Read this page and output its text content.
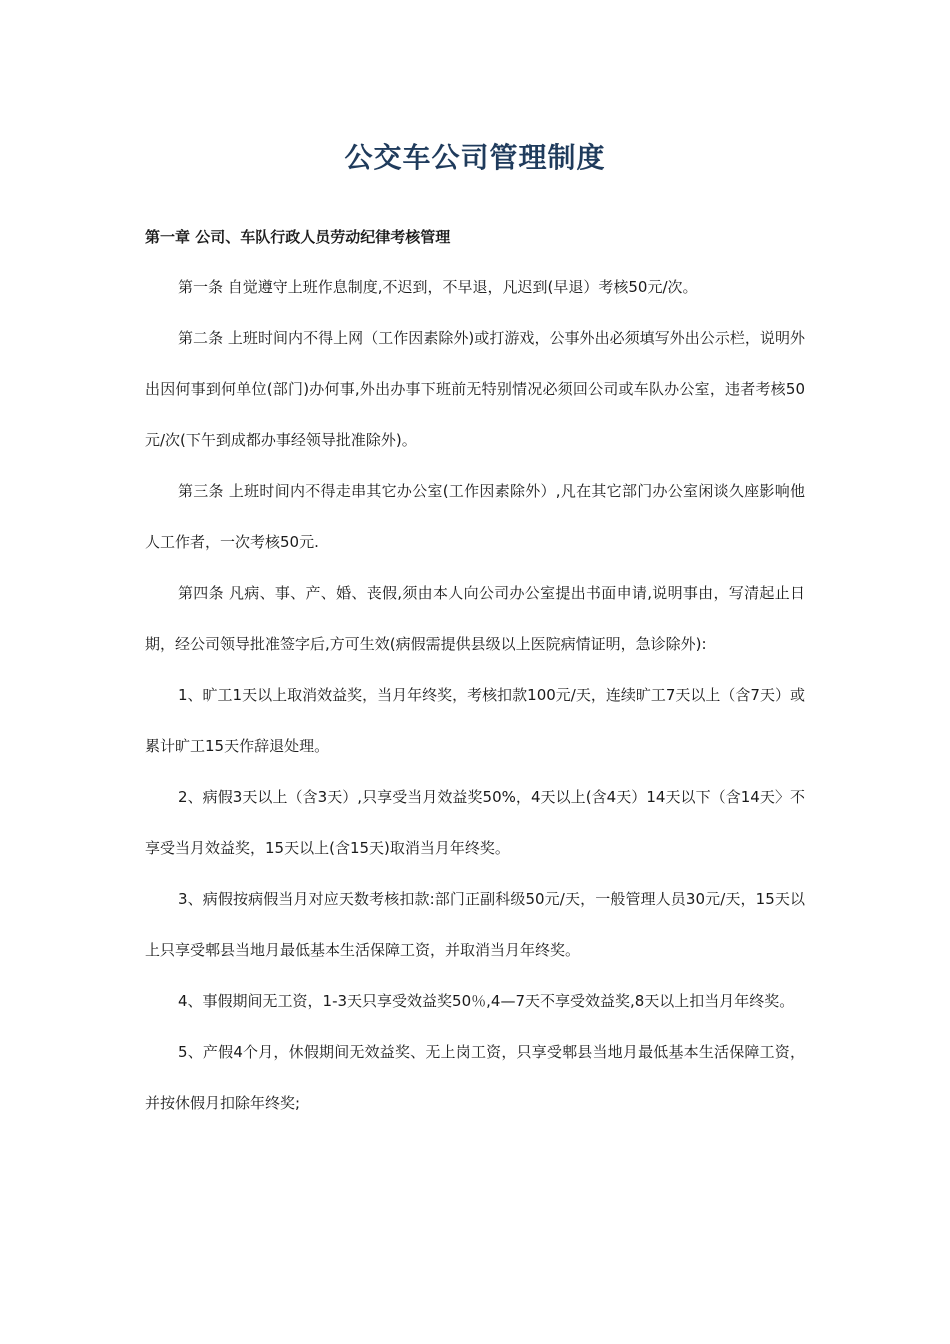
公交车公司管理制度
第一章 公司、车队行政人员劳动纪律考核管理

第一条 自觉遵守上班作息制度,不迟到，不早退，凡迟到(早退）考核50元/次。

第二条 上班时间内不得上网（工作因素除外)或打游戏，公事外出必须填写外出公示栏，说明外出因何事到何单位(部门)办何事,外出办事下班前无特别情况必须回公司或车队办公室，违者考核50元/次(下午到成都办事经领导批准除外)。

第三条 上班时间内不得走串其它办公室(工作因素除外）,凡在其它部门办公室闲谈久座影响他人工作者，一次考核50元.

第四条 凡病、事、产、婚、丧假,须由本人向公司办公室提出书面申请,说明事由，写清起止日期，经公司领导批准签字后,方可生效(病假需提供县级以上医院病情证明，急诊除外):

1、旷工1天以上取消效益奖，当月年终奖，考核扣款100元/天，连续旷工7天以上（含7天）或累计旷工15天作辞退处理。

2、病假3天以上（含3天）,只享受当月效益奖50%，4天以上(含4天）14天以下（含14天〉不享受当月效益奖，15天以上(含15天)取消当月年终奖。

3、病假按病假当月对应天数考核扣款:部门正副科级50元/天，一般管理人员30元/天，15天以上只享受郫县当地月最低基本生活保障工资，并取消当月年终奖。

4、事假期间无工资，1-3天只享受效益奖50％,4—7天不享受效益奖,8天以上扣当月年终奖。

5、产假4个月，休假期间无效益奖、无上岗工资，只享受郫县当地月最低基本生活保障工资，并按休假月扣除年终奖;
